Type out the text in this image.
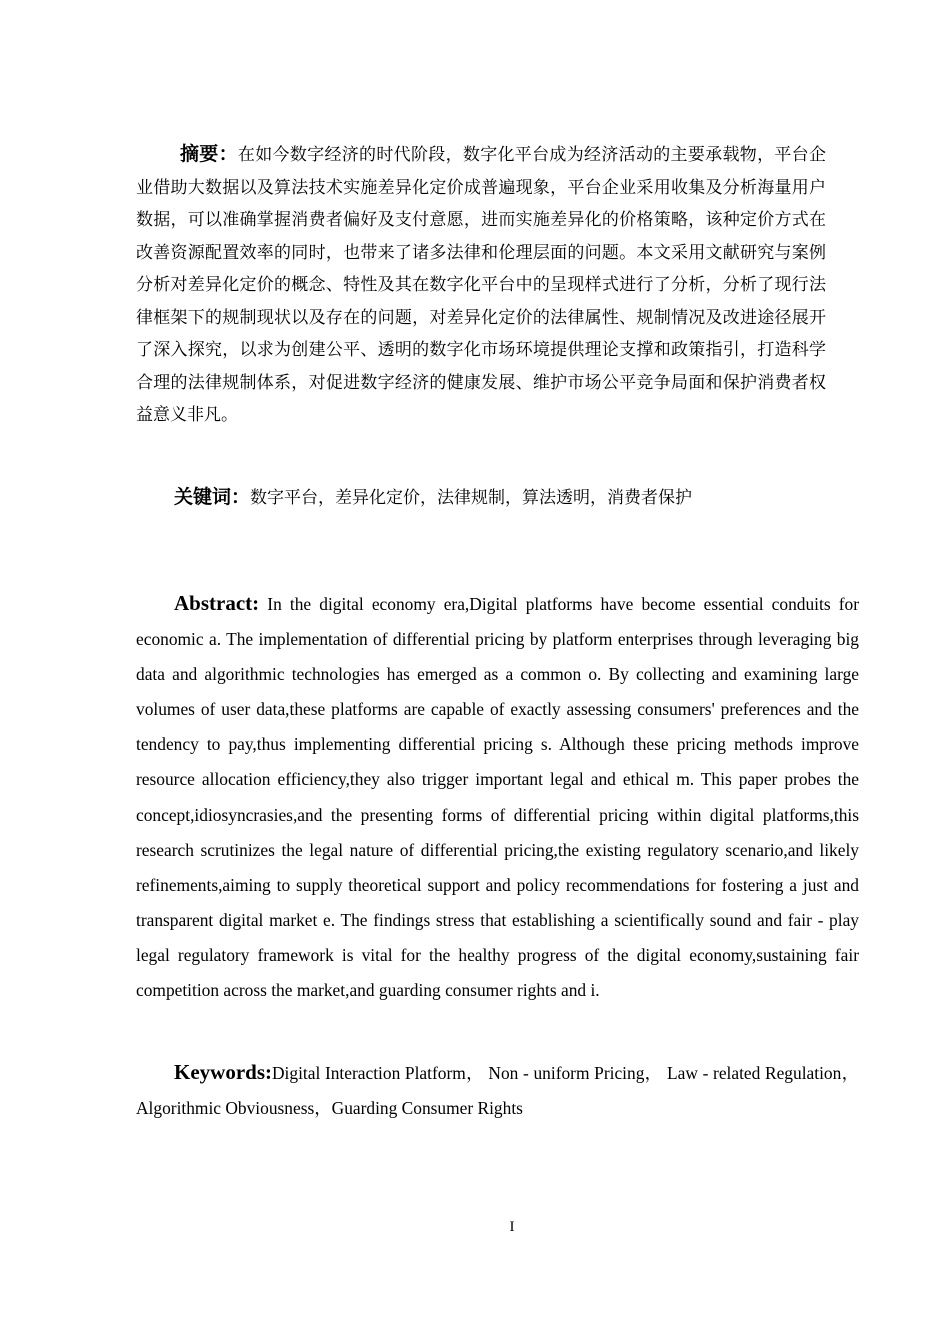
摘要：在如今数字经济的时代阶段，数字化平台成为经济活动的主要承载物，平台企业借助大数据以及算法技术实施差异化定价成普遍现象，平台企业采用收集及分析海量用户数据，可以准确掌握消费者偏好及支付意愿，进而实施差异化的价格策略，该种定价方式在改善资源配置效率的同时，也带来了诸多法律和伦理层面的问题。本文采用文献研究与案例分析对差异化定价的概念、特性及其在数字化平台中的呈现样式进行了分析，分析了现行法律框架下的规制现状以及存在的问题，对差异化定价的法律属性、规制情况及改进途径展开了深入探究，以求为创建公平、透明的数字化市场环境提供理论支撑和政策指引，打造科学合理的法律规制体系，对促进数字经济的健康发展、维护市场公平竞争局面和保护消费者权益意义非凡。

关键词：数字平台，差异化定价，法律规制，算法透明，消费者保护

Abstract: In the digital economy era,Digital platforms have become essential conduits for economic a. The implementation of differential pricing by platform enterprises through leveraging big data and algorithmic technologies has emerged as a common o. By collecting and examining large volumes of user data,these platforms are capable of exactly assessing consumers' preferences and the tendency to pay,thus implementing differential pricing s. Although these pricing methods improve resource allocation efficiency,they also trigger important legal and ethical m. This paper probes the concept,idiosyncrasies,and the presenting forms of differential pricing within digital platforms,this research scrutinizes the legal nature of differential pricing,the existing regulatory scenario,and likely refinements,aiming to supply theoretical support and policy recommendations for fostering a just and transparent digital market e. The findings stress that establishing a scientifically sound and fair - play legal regulatory framework is vital for the healthy progress of the digital economy,sustaining fair competition across the market,and guarding consumer rights and i.

Keywords:Digital Interaction Platform， Non - uniform Pricing， Law - related Regulation，Algorithmic Obviousness，Guarding Consumer Rights

I
